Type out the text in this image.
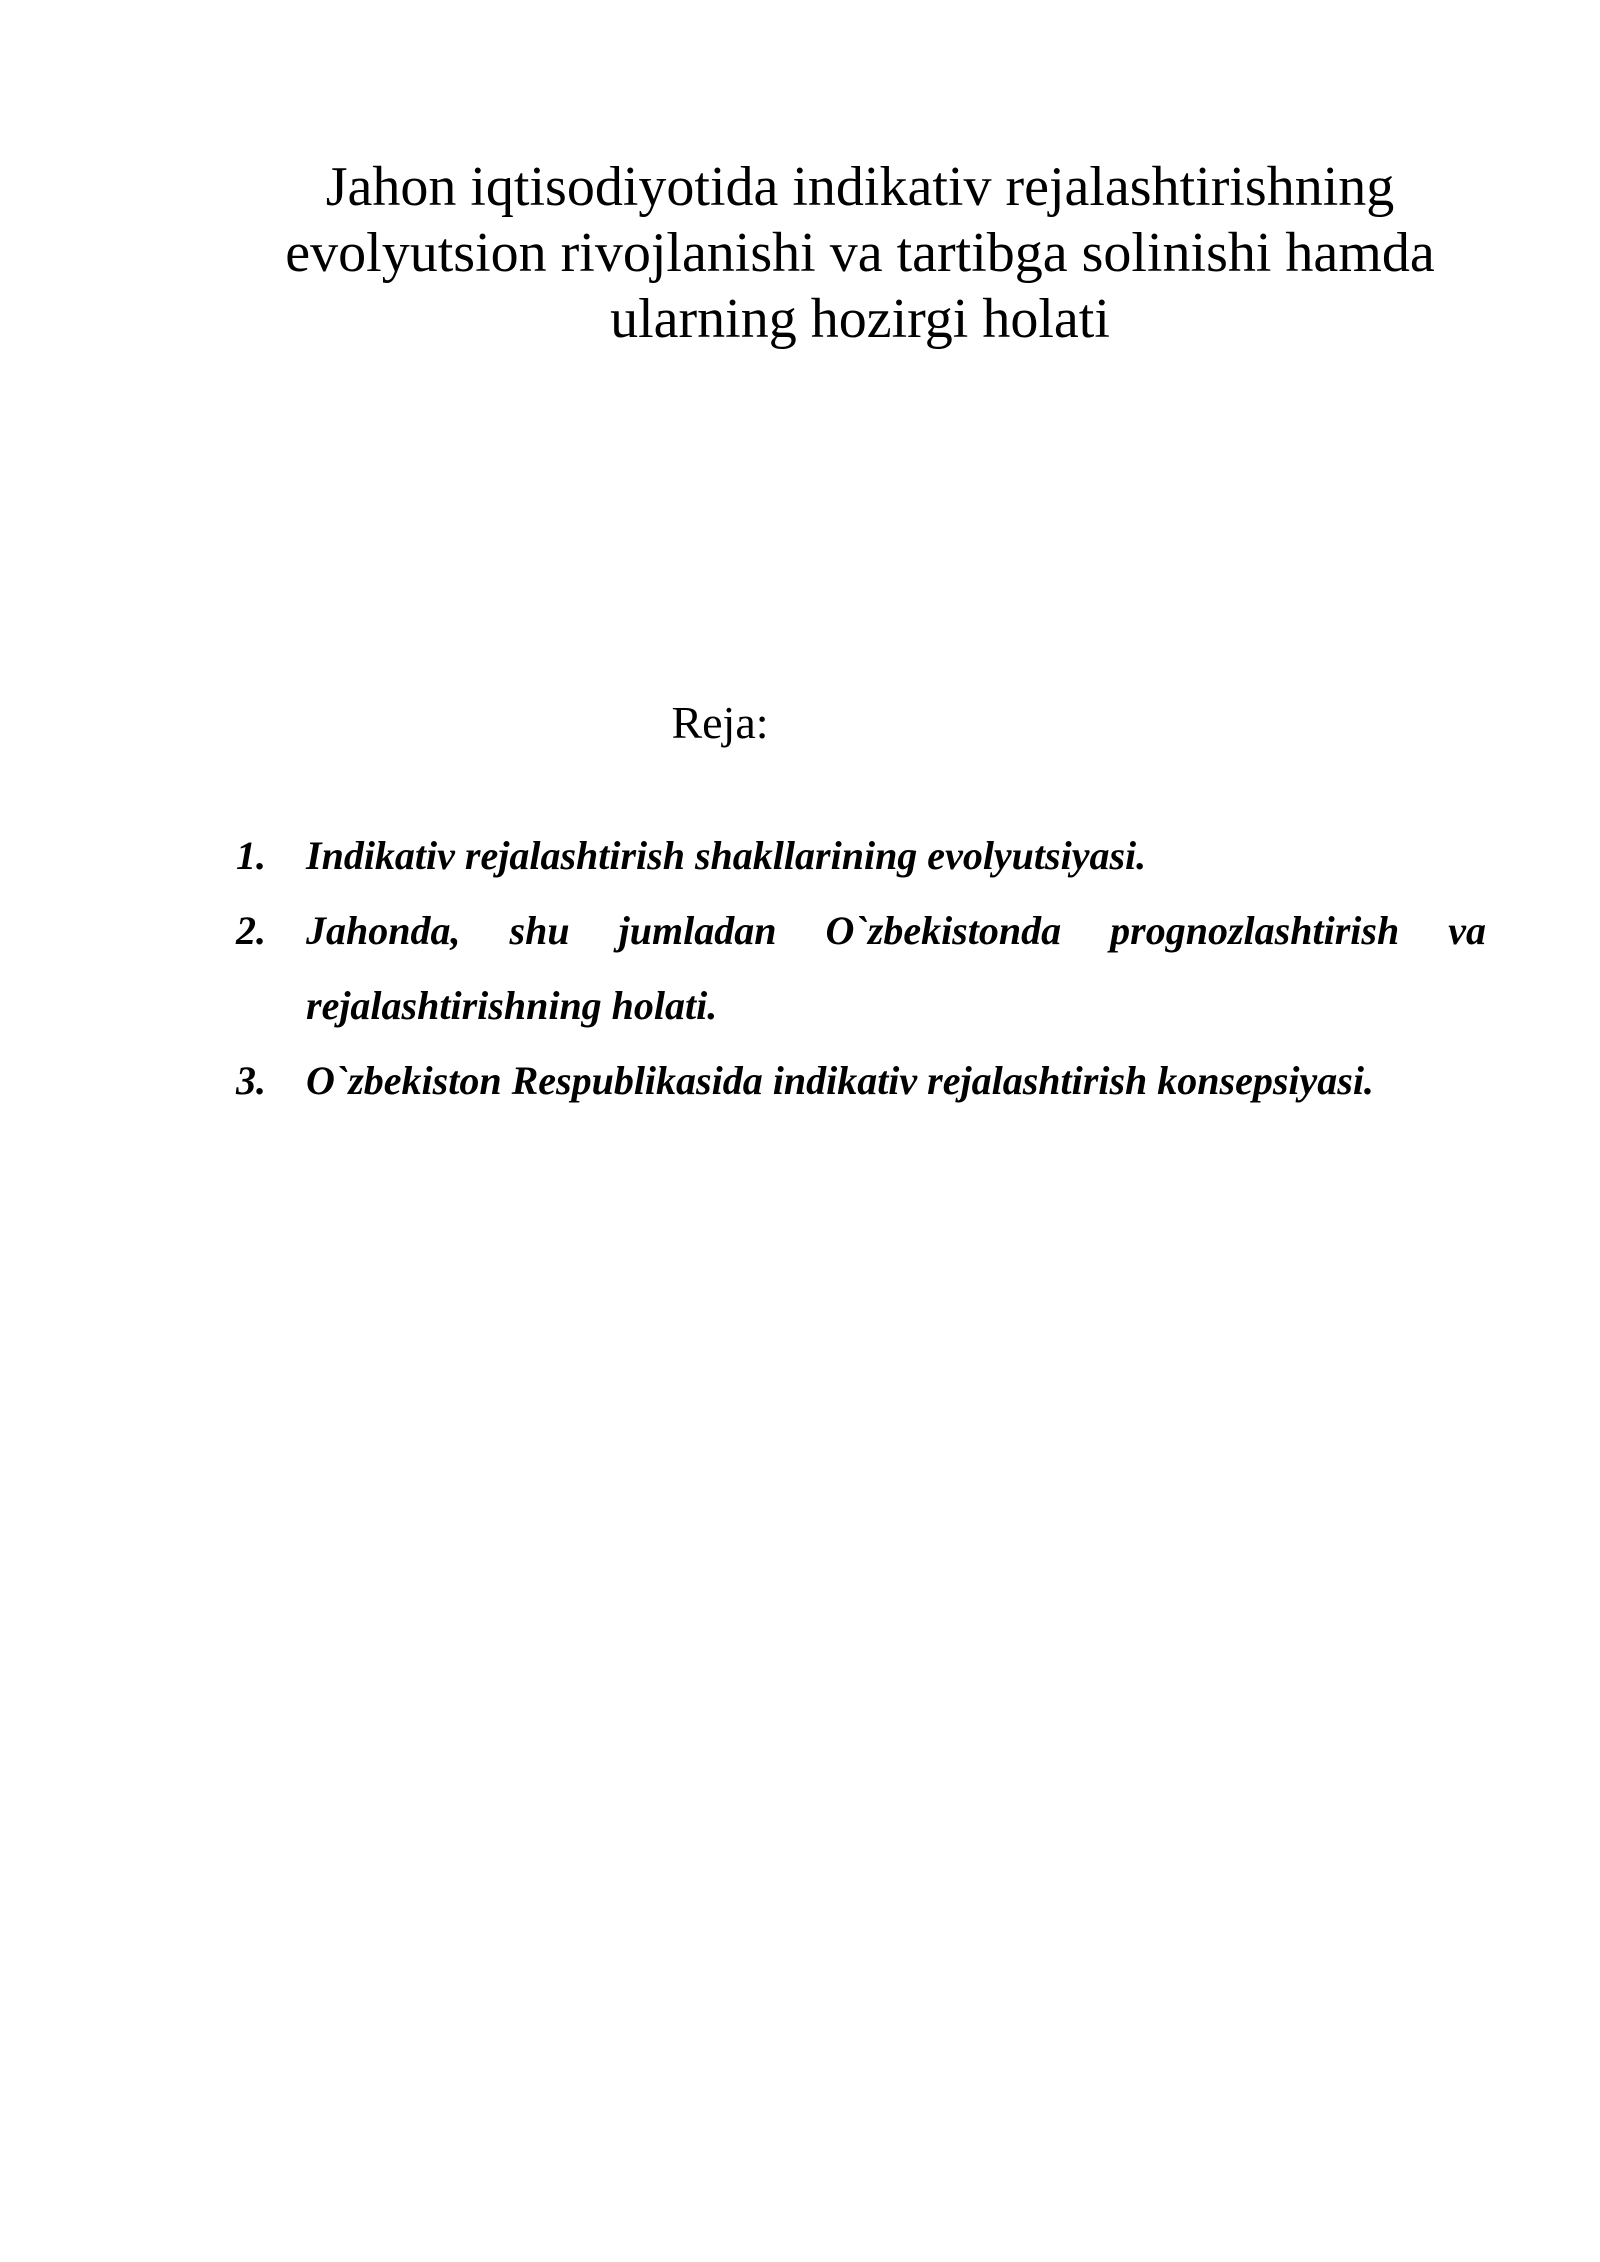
Jahon iqtisodiyotida indikativ rejalashtirishning evolyutsion rivojlanishi va tartibga solinishi hamda ularning hozirgi holati
Reja:
1.	Indikativ rejalashtirish shakllarining evolyutsiyasi.
2.	Jahonda, shu jumladan O`zbekistonda prognozlashtirish va rejalashtirishning holati.
3.	O`zbekiston Respublikasida indikativ rejalashtirish konsepsiyasi.
